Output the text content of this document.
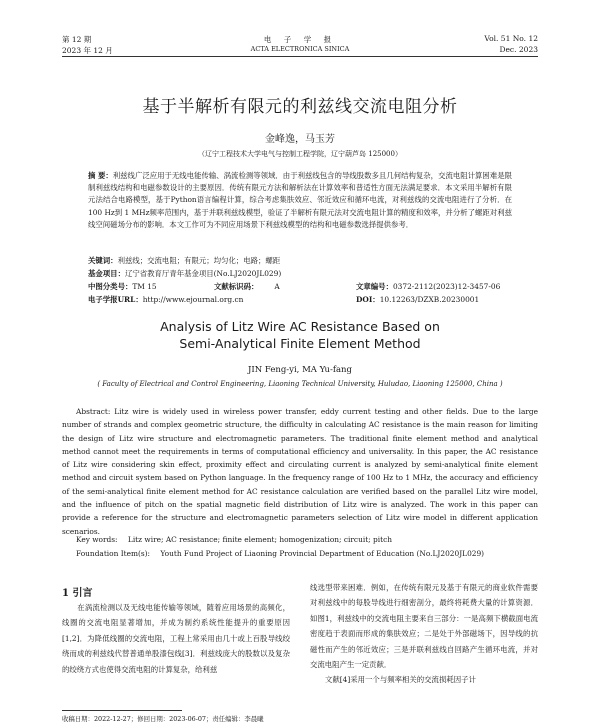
第 12 期
2023 年 12 月
电 子 学 报
ACTA ELECTRONICA SINICA
Vol. 51 No. 12
Dec. 2023
基于半解析有限元的利兹线交流电阻分析
金峰逸，马玉芳
（辽宁工程技术大学电气与控制工程学院，辽宁葫芦岛 125000）
摘 要：利兹线广泛应用于无线电能传输、涡流检测等领域．由于利兹线包含的导线股数多且几何结构复杂，交流电阻计算困难是限制利兹线结构和电磁参数设计的主要原因．传统有限元方法和解析法在计算效率和普适性方面无法满足要求．本文采用半解析有限元法结合电路模型，基于Python语言编程计算，综合考虑集肤效应、邻近效应和循环电流，对利兹线的交流电阻进行了分析．在 100 Hz到 1 MHz频率范围内，基于并联利兹线模型，验证了半解析有限元法对交流电阻计算的精度和效率，并分析了螺距对利兹线空间磁场分布的影响．本文工作可为不同应用场景下利兹线模型的结构和电磁参数选择提供参考．
关键词：利兹线；交流电阻；有限元；均匀化；电路；螺距
基金项目：辽宁省教育厅青年基金项目(No.LJ2020JL029)
中图分类号：TM 15	文献标识码： A	文章编号：0372-2112(2023)12-3457-06
电子学报URL：http://www.ejournal.org.cn	DOI：10.12263/DZXB.20230001
Analysis of Litz Wire AC Resistance Based on
Semi-Analytical Finite Element Method
JIN Feng-yi, MA Yu-fang
( Faculty of Electrical and Control Engineering, Liaoning Technical University, Huludao, Liaoning 125000, China )
Abstract: Litz wire is widely used in wireless power transfer, eddy current testing and other fields. Due to the large number of strands and complex geometric structure, the difficulty in calculating AC resistance is the main reason for limiting the design of Litz wire structure and electromagnetic parameters. The traditional finite element method and analytical method cannot meet the requirements in terms of computational efficiency and universality. In this paper, the AC resistance of Litz wire considering skin effect, proximity effect and circulating current is analyzed by semi-analytical finite element method and circuit system based on Python language. In the frequency range of 100 Hz to 1 MHz, the accuracy and efficiency of the semi-analytical finite element method for AC resistance calculation are verified based on the parallel Litz wire model, and the influence of pitch on the spatial magnetic field distribution of Litz wire is analyzed. The work in this paper can provide a reference for the structure and electromagnetic parameters selection of Litz wire model in different application scenarios.
Key words: Litz wire; AC resistance; finite element; homogenization; circuit; pitch
Foundation Item(s): Youth Fund Project of Liaoning Provincial Department of Education (No.LJ2020JL029)
1 引言
在涡流检测以及无线电能传输等领域，随着应用场景的高频化，线圈的交流电阻显著增加，并成为制约系统性能提升的重要原因[1,2]．为降低线圈的交流电阻，工程上常采用由几十或上百股导线绞绕而成的利兹线代替普通单股漆包线[3]．利兹线庞大的股数以及复杂的绞绕方式也使得交流电阻的计算复杂，给利兹
线选型带来困难．例如，在传统有限元及基于有限元的商业软件需要对利兹线中的每股导线进行细密剖分，最终将耗费大量的计算资源．如图1，利兹线中的交流电阻主要来自三部分：一是高频下横截面电流密度趋于表面而形成的集肤效应；二是处于外部磁场下，因导线的抗磁性而产生的邻近效应；三是并联利兹线自回路产生循环电流，并对交流电阻产生一定贡献．
文献[4]采用一个与频率相关的交流损耗因子计
收稿日期：2022-12-27；修回日期：2023-06-07；责任编辑：李晨曦
